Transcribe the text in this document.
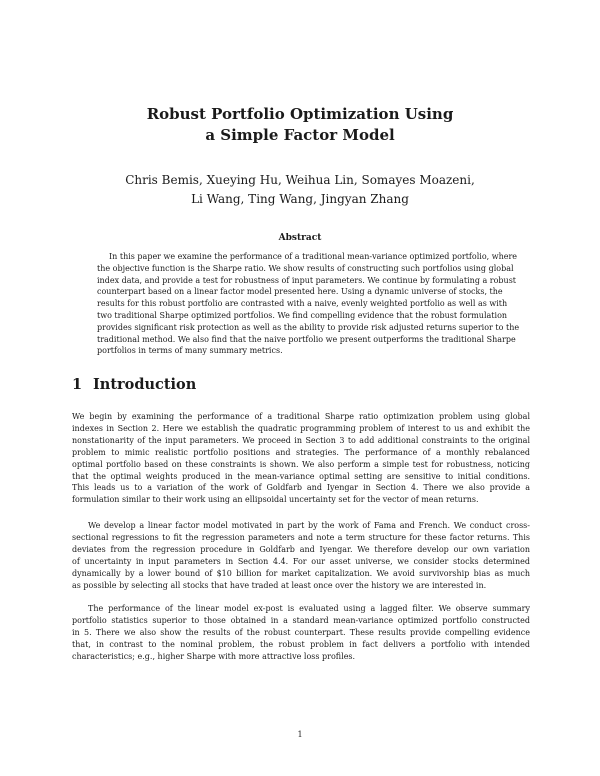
Robust Portfolio Optimization Using
a Simple Factor Model
Chris Bemis, Xueying Hu, Weihua Lin, Somayes Moazeni,
Li Wang, Ting Wang, Jingyan Zhang
Abstract
In this paper we examine the performance of a traditional mean-variance optimized portfolio, where
the objective function is the Sharpe ratio. We show results of constructing such portfolios using global
index data, and provide a test for robustness of input parameters. We continue by formulating a robust
counterpart based on a linear factor model presented here. Using a dynamic universe of stocks, the
results for this robust portfolio are contrasted with a naive, evenly weighted portfolio as well as with
two traditional Sharpe optimized portfolios. We find compelling evidence that the robust formulation
provides significant risk protection as well as the ability to provide risk adjusted returns superior to the
traditional method. We also find that the naive portfolio we present outperforms the traditional Sharpe
portfolios in terms of many summary metrics.
1 Introduction
We begin by examining the performance of a traditional Sharpe ratio optimization problem using global
indexes in Section 2. Here we establish the quadratic programming problem of interest to us and exhibit the
nonstationarity of the input parameters. We proceed in Section 3 to add additional constraints to the original
problem to mimic realistic portfolio positions and strategies. The performance of a monthly rebalanced
optimal portfolio based on these constraints is shown. We also perform a simple test for robustness, noticing
that the optimal weights produced in the mean-variance optimal setting are sensitive to initial conditions.
This leads us to a variation of the work of Goldfarb and Iyengar in Section 4. There we also provide a
formulation similar to their work using an ellipsoidal uncertainty set for the vector of mean returns.
We develop a linear factor model motivated in part by the work of Fama and French. We conduct cross-
sectional regressions to fit the regression parameters and note a term structure for these factor returns. This
deviates from the regression procedure in Goldfarb and Iyengar. We therefore develop our own variation
of uncertainty in input parameters in Section 4.4. For our asset universe, we consider stocks determined
dynamically by a lower bound of $10 billion for market capitalization. We avoid survivorship bias as much
as possible by selecting all stocks that have traded at least once over the history we are interested in.
The performance of the linear model ex-post is evaluated using a lagged filter. We observe summary
portfolio statistics superior to those obtained in a standard mean-variance optimized portfolio constructed
in 5. There we also show the results of the robust counterpart. These results provide compelling evidence
that, in contrast to the nominal problem, the robust problem in fact delivers a portfolio with intended
characteristics; e.g., higher Sharpe with more attractive loss profiles.
1
